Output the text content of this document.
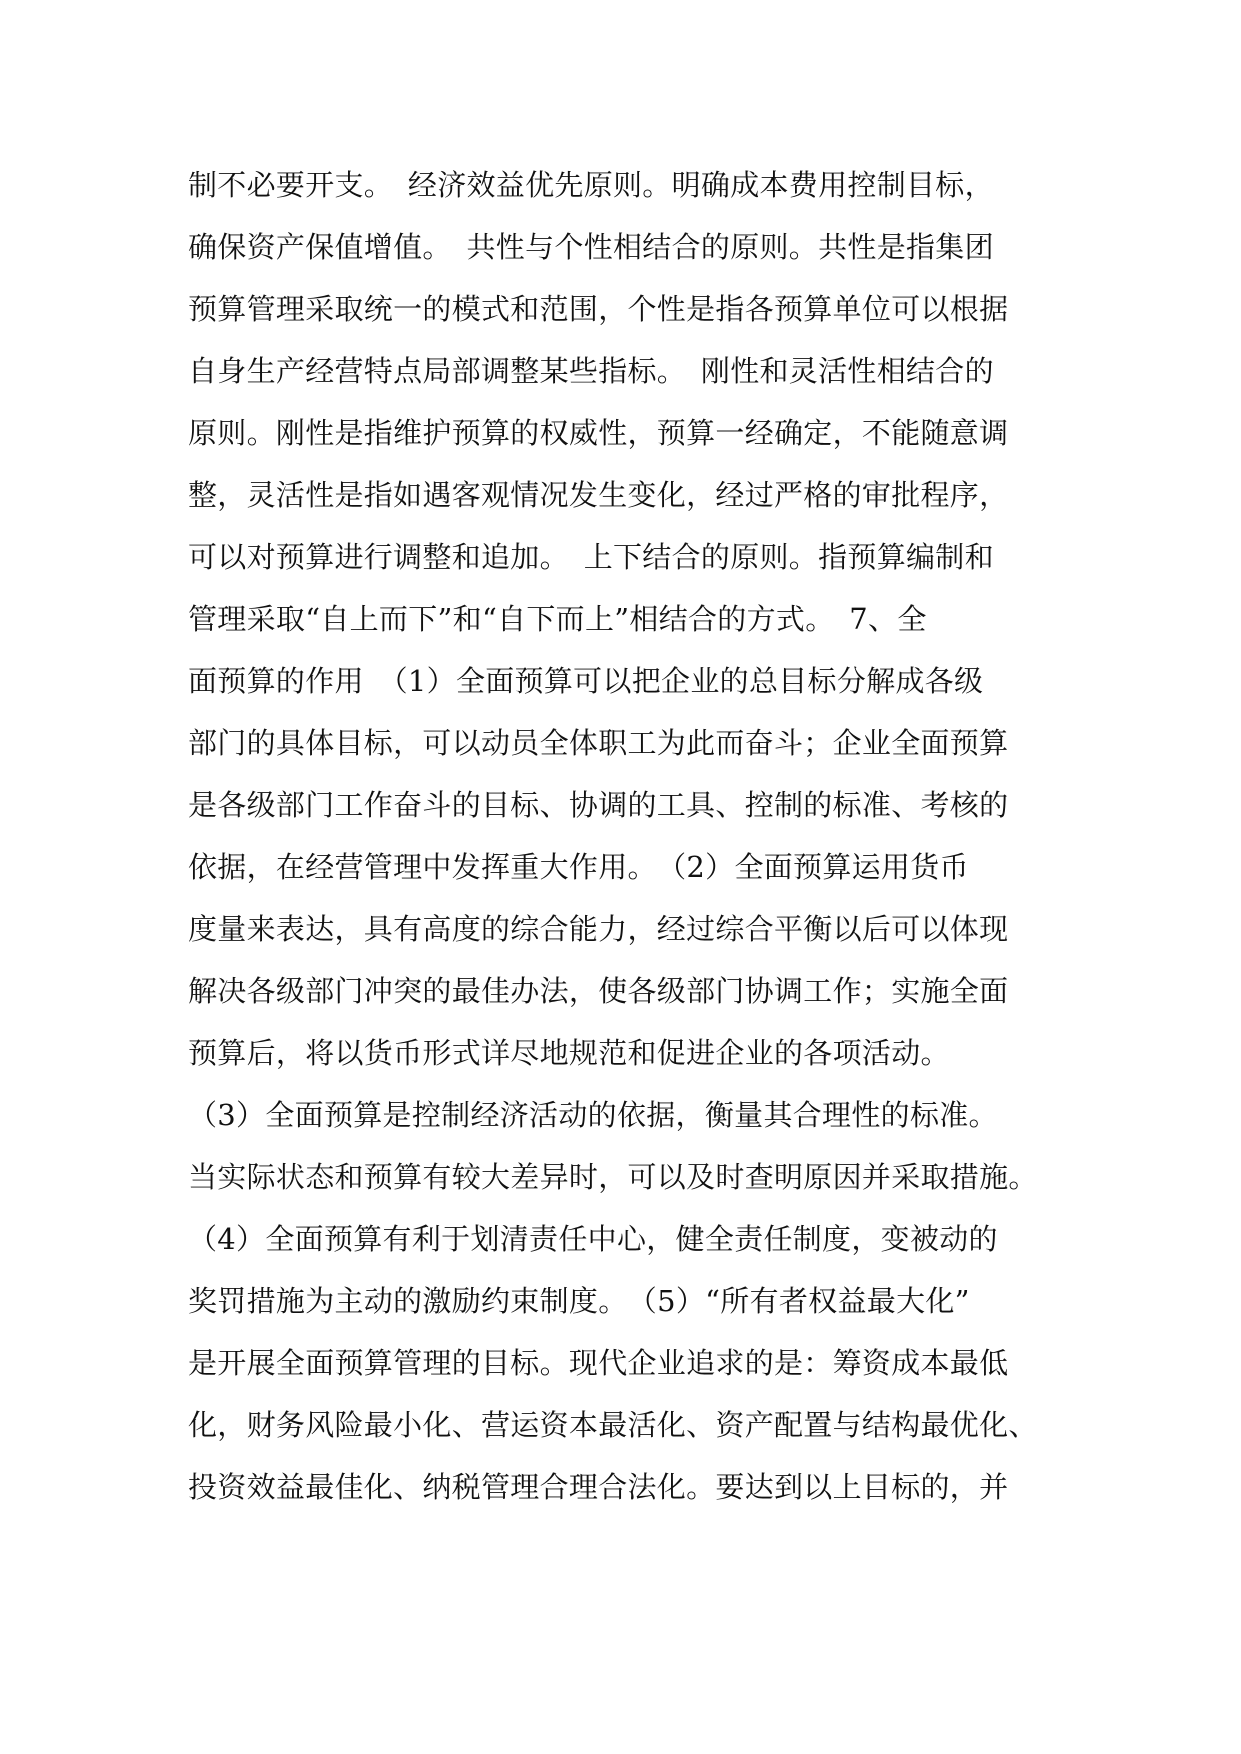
制不必要开支。　经济效益优先原则。明确成本费用控制目标，
确保资产保值增值。　共性与个性相结合的原则。共性是指集团
预算管理采取统一的模式和范围，个性是指各预算单位可以根据
自身生产经营特点局部调整某些指标。　刚性和灵活性相结合的
原则。刚性是指维护预算的权威性，预算一经确定，不能随意调
整，灵活性是指如遇客观情况发生变化，经过严格的审批程序，
可以对预算进行调整和追加。　上下结合的原则。指预算编制和
管理采取“自上而下”和“自下而上”相结合的方式。　7、全
面预算的作用　（1）全面预算可以把企业的总目标分解成各级
部门的具体目标，可以动员全体职工为此而奋斗；企业全面预算
是各级部门工作奋斗的目标、协调的工具、控制的标准、考核的
依据，在经营管理中发挥重大作用。　（2）全面预算运用货币
度量来表达，具有高度的综合能力，经过综合平衡以后可以体现
解决各级部门冲突的最佳办法，使各级部门协调工作；实施全面
预算后，将以货币形式详尽地规范和促进企业的各项活动。
（3）全面预算是控制经济活动的依据，衡量其合理性的标准。
当实际状态和预算有较大差异时，可以及时查明原因并采取措施。
（4）全面预算有利于划清责任中心，健全责任制度，变被动的
奖罚措施为主动的激励约束制度。　（5）“所有者权益最大化”
是开展全面预算管理的目标。现代企业追求的是：筹资成本最低
化，财务风险最小化、营运资本最活化、资产配置与结构最优化、
投资效益最佳化、纳税管理合理合法化。要达到以上目标的，并
